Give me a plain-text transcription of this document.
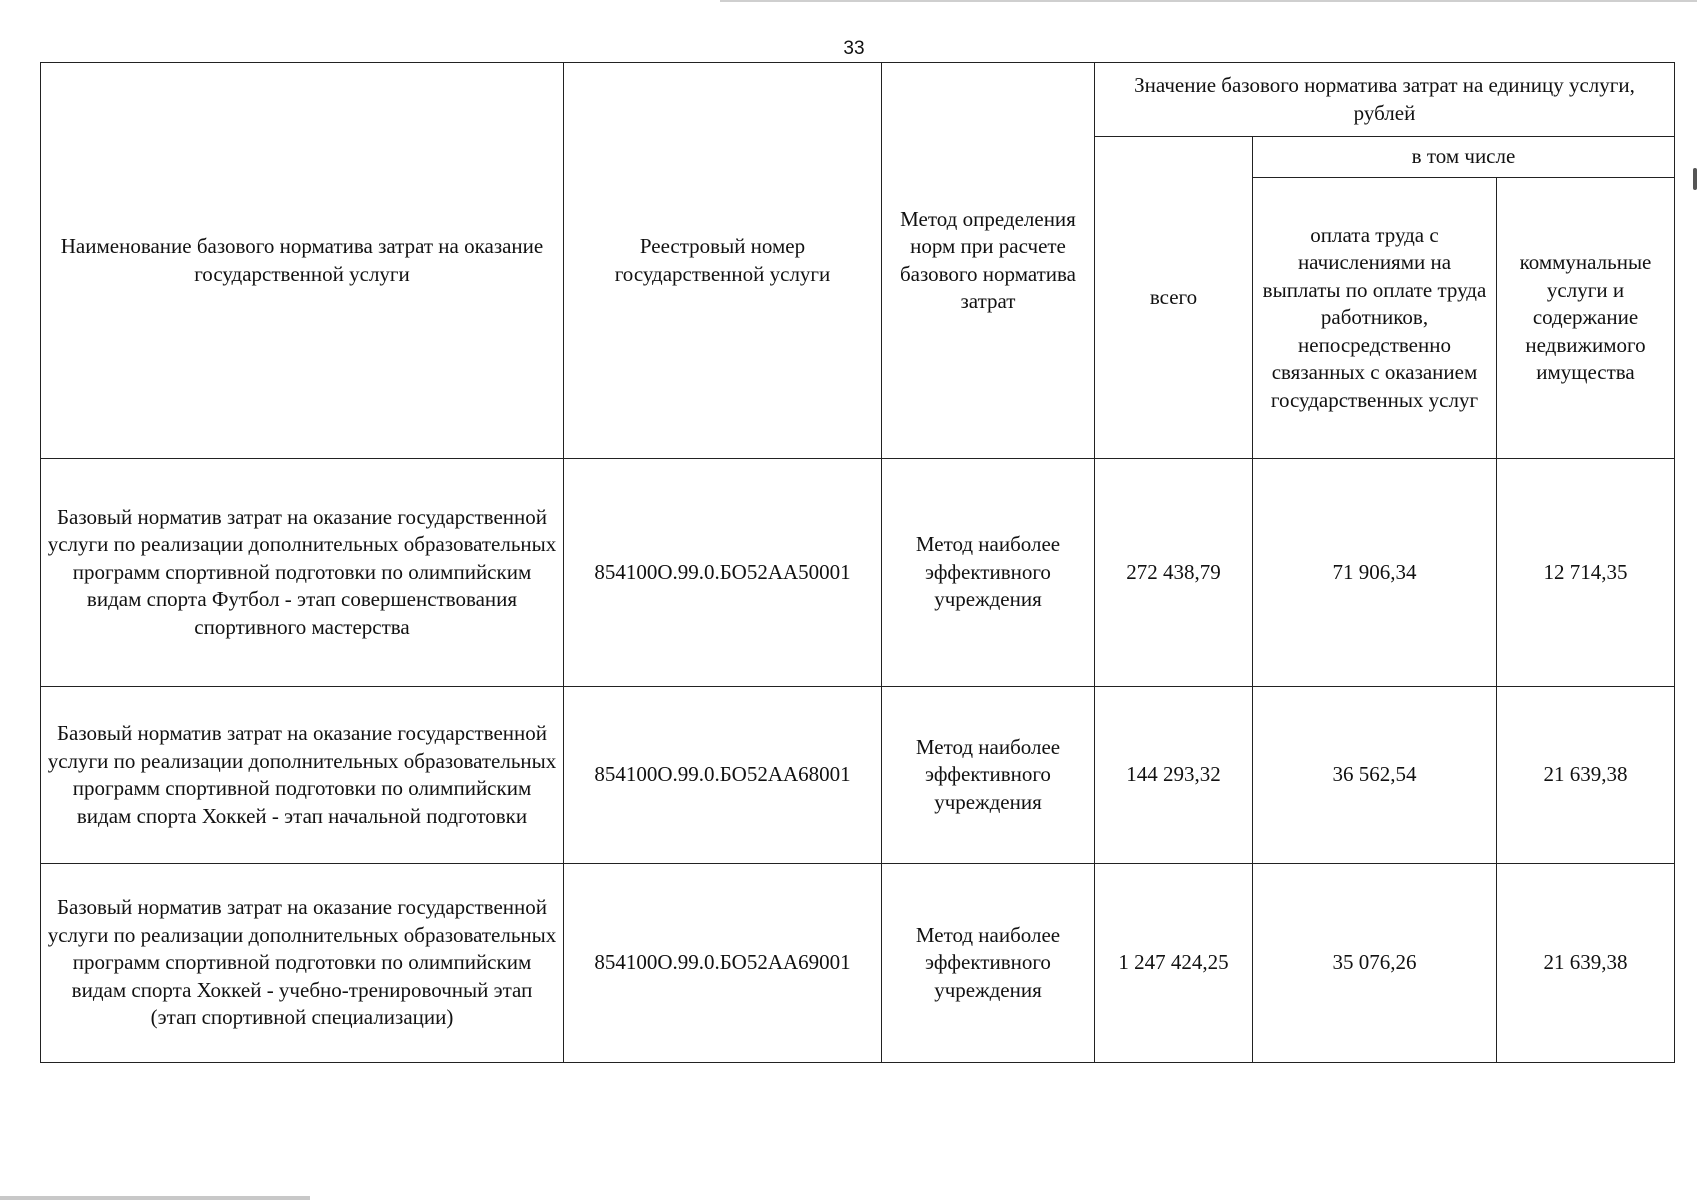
33
Наименование базового норматива затрат на оказание государственной услуги	Реестровый номер государственной услуги	Метод определения норм при расчете базового норматива затрат	Значение базового норматива затрат на единицу услуги, рублей		
			всего	в том числе	
				оплата труда с начислениями на выплаты по оплате труда работников, непосредственно связанных с оказанием государственных услуг	коммунальные услуги и содержание недвижимого имущества
Базовый норматив затрат на оказание государственной услуги по реализации дополнительных образовательных программ спортивной подготовки по олимпийским видам спорта Футбол - этап совершенствования спортивного мастерства	854100О.99.0.БО52АА50001	Метод наиболее эффективного учреждения	272 438,79	71 906,34	12 714,35
Базовый норматив затрат на оказание государственной услуги по реализации дополнительных образовательных программ спортивной подготовки по олимпийским видам спорта Хоккей - этап начальной подготовки	854100О.99.0.БО52АА68001	Метод наиболее эффективного учреждения	144 293,32	36 562,54	21 639,38
Базовый норматив затрат на оказание государственной услуги по реализации дополнительных образовательных программ спортивной подготовки по олимпийским видам спорта Хоккей - учебно-тренировочный этап (этап спортивной специализации)	854100О.99.0.БО52АА69001	Метод наиболее эффективного учреждения	1 247 424,25	35 076,26	21 639,38
